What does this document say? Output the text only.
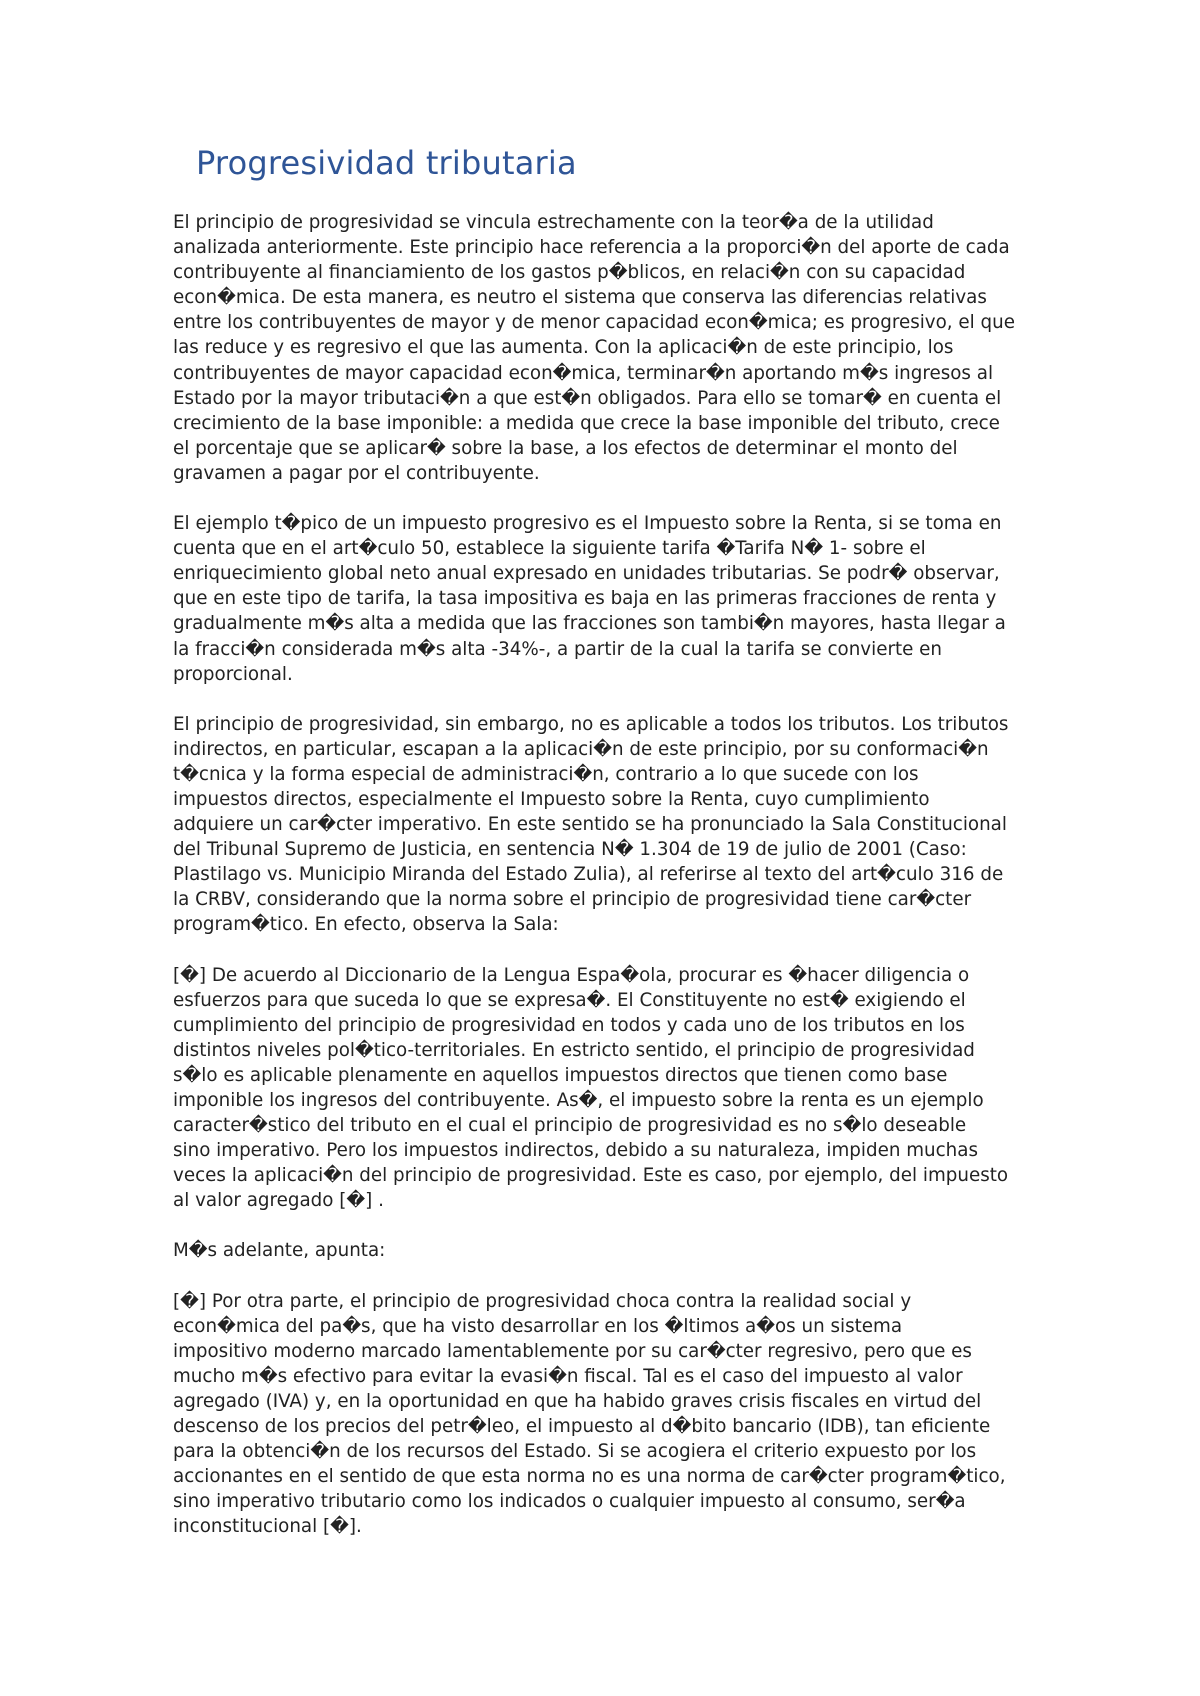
Progresividad tributaria

El principio de progresividad se vincula estrechamente con la teor�a de la utilidad
analizada anteriormente. Este principio hace referencia a la proporci�n del aporte de cada
contribuyente al financiamiento de los gastos p�blicos, en relaci�n con su capacidad
econ�mica. De esta manera, es neutro el sistema que conserva las diferencias relativas
entre los contribuyentes de mayor y de menor capacidad econ�mica; es progresivo, el que
las reduce y es regresivo el que las aumenta. Con la aplicaci�n de este principio, los
contribuyentes de mayor capacidad econ�mica, terminar�n aportando m�s ingresos al
Estado por la mayor tributaci�n a que est�n obligados. Para ello se tomar� en cuenta el
crecimiento de la base imponible: a medida que crece la base imponible del tributo, crece
el porcentaje que se aplicar� sobre la base, a los efectos de determinar el monto del
gravamen a pagar por el contribuyente.

El ejemplo t�pico de un impuesto progresivo es el Impuesto sobre la Renta, si se toma en
cuenta que en el art�culo 50, establece la siguiente tarifa �Tarifa N� 1- sobre el
enriquecimiento global neto anual expresado en unidades tributarias. Se podr� observar,
que en este tipo de tarifa, la tasa impositiva es baja en las primeras fracciones de renta y
gradualmente m�s alta a medida que las fracciones son tambi�n mayores, hasta llegar a
la fracci�n considerada m�s alta -34%-, a partir de la cual la tarifa se convierte en
proporcional.

El principio de progresividad, sin embargo, no es aplicable a todos los tributos. Los tributos
indirectos, en particular, escapan a la aplicaci�n de este principio, por su conformaci�n
t�cnica y la forma especial de administraci�n, contrario a lo que sucede con los
impuestos directos, especialmente el Impuesto sobre la Renta, cuyo cumplimiento
adquiere un car�cter imperativo. En este sentido se ha pronunciado la Sala Constitucional
del Tribunal Supremo de Justicia, en sentencia N� 1.304 de 19 de julio de 2001 (Caso:
Plastilago vs. Municipio Miranda del Estado Zulia), al referirse al texto del art�culo 316 de
la CRBV, considerando que la norma sobre el principio de progresividad tiene car�cter
program�tico. En efecto, observa la Sala:

[�] De acuerdo al Diccionario de la Lengua Espa�ola, procurar es �hacer diligencia o
esfuerzos para que suceda lo que se expresa�. El Constituyente no est� exigiendo el
cumplimiento del principio de progresividad en todos y cada uno de los tributos en los
distintos niveles pol�tico-territoriales. En estricto sentido, el principio de progresividad
s�lo es aplicable plenamente en aquellos impuestos directos que tienen como base
imponible los ingresos del contribuyente. As�, el impuesto sobre la renta es un ejemplo
caracter�stico del tributo en el cual el principio de progresividad es no s�lo deseable
sino imperativo. Pero los impuestos indirectos, debido a su naturaleza, impiden muchas
veces la aplicaci�n del principio de progresividad. Este es caso, por ejemplo, del impuesto
al valor agregado [�] .

M�s adelante, apunta:

[�] Por otra parte, el principio de progresividad choca contra la realidad social y
econ�mica del pa�s, que ha visto desarrollar en los �ltimos a�os un sistema
impositivo moderno marcado lamentablemente por su car�cter regresivo, pero que es
mucho m�s efectivo para evitar la evasi�n fiscal. Tal es el caso del impuesto al valor
agregado (IVA) y, en la oportunidad en que ha habido graves crisis fiscales en virtud del
descenso de los precios del petr�leo, el impuesto al d�bito bancario (IDB), tan eficiente
para la obtenci�n de los recursos del Estado. Si se acogiera el criterio expuesto por los
accionantes en el sentido de que esta norma no es una norma de car�cter program�tico,
sino imperativo tributario como los indicados o cualquier impuesto al consumo, ser�a
inconstitucional [�].
